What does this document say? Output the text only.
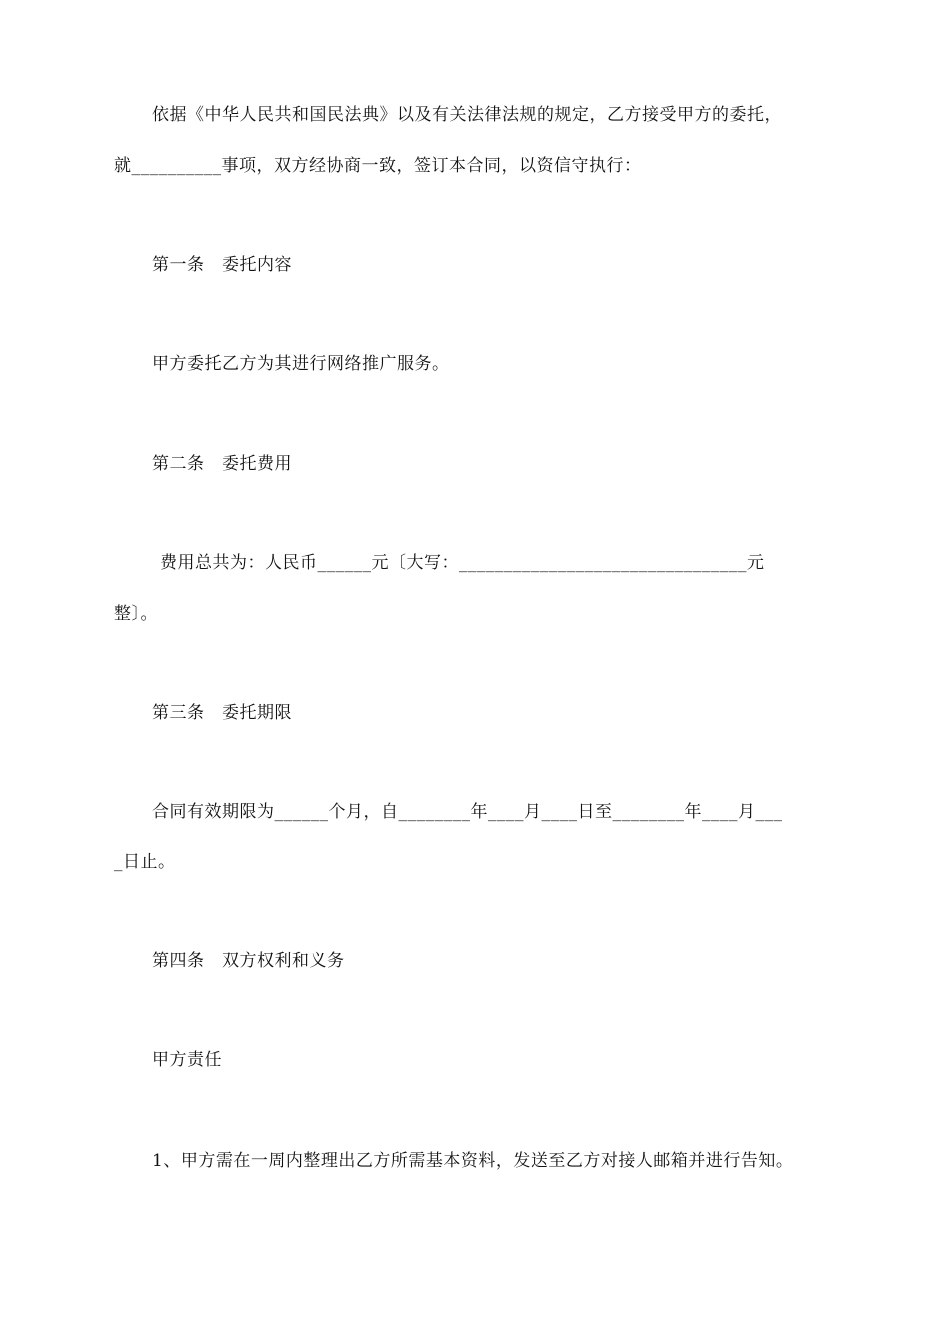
依据《中华人民共和国民法典》以及有关法律法规的规定，乙方接受甲方的委托，
就__________事项，双方经协商一致，签订本合同，以资信守执行：
第一条　委托内容
甲方委托乙方为其进行网络推广服务。
第二条　委托费用
费用总共为：人民币______元〔大写：________________________________元
整〕。
第三条　委托期限
合同有效期限为______个月，自________年____月____日至________年____月___
_日止。
第四条　双方权利和义务
甲方责任
1、甲方需在一周内整理出乙方所需基本资料，发送至乙方对接人邮箱并进行告知。
